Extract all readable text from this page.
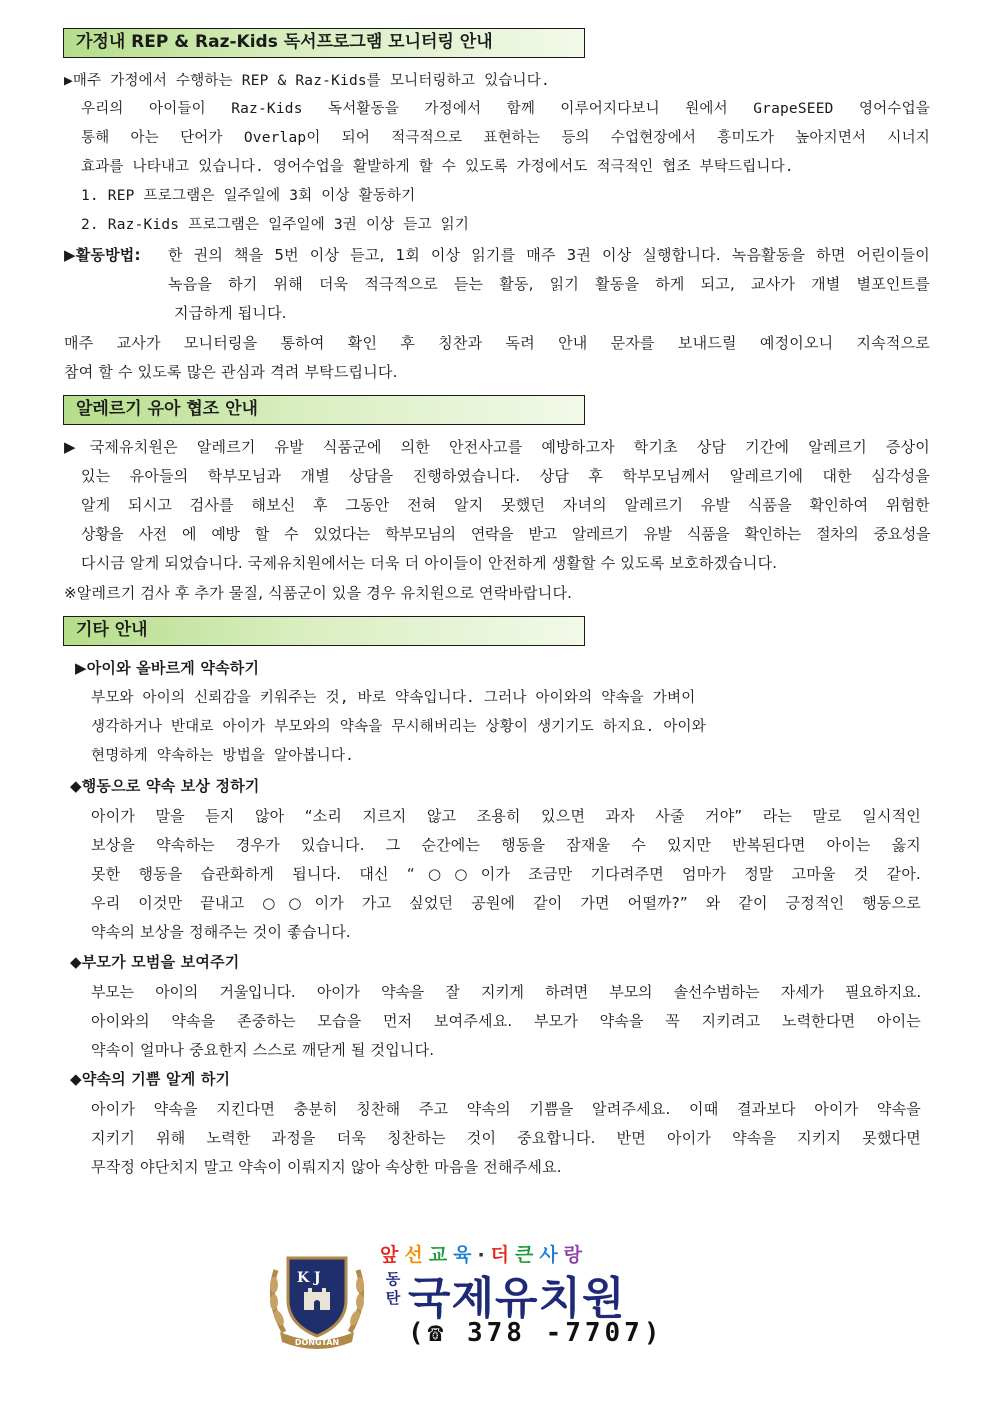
가정내 REP & Raz-Kids 독서프로그램 모니터링 안내
▶매주 가정에서 수행하는 REP & Raz-Kids를 모니터링하고 있습니다.
우리의 아이들이 Raz-Kids 독서활동을 가정에서 함께 이루어지다보니 원에서 GrapeSEED 영어수업을
통해 아는 단어가 Overlap이 되어 적극적으로 표현하는 등의 수업현장에서 흥미도가 높아지면서 시너지
효과를 나타내고 있습니다. 영어수업을 활발하게 할 수 있도록 가정에서도 적극적인 협조 부탁드립니다.
1. REP 프로그램은 일주일에 3회 이상 활동하기
2. Raz-Kids 프로그램은 일주일에 3권 이상 듣고 읽기
▶활동방법: 한 권의 책을 5번 이상 듣고, 1회 이상 읽기를 매주 3권 이상 실행합니다. 녹음활동을 하면 어린이들이
녹음을 하기 위해 더욱 적극적으로 듣는 활동, 읽기 활동을 하게 되고, 교사가 개별 별포인트를
지급하게 됩니다.
매주 교사가 모니터링을 통하여 확인 후 칭찬과 독려 안내 문자를 보내드릴 예정이오니 지속적으로
참여 할 수 있도록 많은 관심과 격려 부탁드립니다.
알레르기 유아 협조 안내
▶국제유치원은 알레르기 유발 식품군에 의한 안전사고를 예방하고자 학기초 상담 기간에 알레르기 증상이
있는 유아들의 학부모님과 개별 상담을 진행하였습니다. 상담 후 학부모님께서 알레르기에 대한 심각성을
알게 되시고 검사를 해보신 후 그동안 전혀 알지 못했던 자녀의 알레르기 유발 식품을 확인하여 위험한
상황을 사전 에 예방 할 수 있었다는 학부모님의 연락을 받고 알레르기 유발 식품을 확인하는 절차의 중요성을
다시금 알게 되었습니다. 국제유치원에서는 더욱 더 아이들이 안전하게 생활할 수 있도록 보호하겠습니다.
※알레르기 검사 후 추가 물질, 식품군이 있을 경우 유치원으로 연락바랍니다.
기타 안내
▶아이와 올바르게 약속하기
부모와 아이의 신뢰감을 키워주는 것, 바로 약속입니다. 그러나 아이와의 약속을 가벼이
생각하거나 반대로 아이가 부모와의 약속을 무시해버리는 상황이 생기기도 하지요. 아이와
현명하게 약속하는 방법을 알아봅니다.
◆행동으로 약속 보상 정하기
아이가 말을 듣지 않아 “소리 지르지 않고 조용히 있으면 과자 사줄 거야” 라는 말로 일시적인
보상을 약속하는 경우가 있습니다. 그 순간에는 행동을 잠재울 수 있지만 반복된다면 아이는 옳지
못한 행동을 습관화하게 됩니다. 대신 “○○이가 조금만 기다려주면 엄마가 정말 고마울 것 같아.
우리 이것만 끝내고 ○○이가 가고 싶었던 공원에 같이 가면 어떨까?” 와 같이 긍정적인 행동으로
약속의 보상을 정해주는 것이 좋습니다.
◆부모가 모범을 보여주기
부모는 아이의 거울입니다. 아이가 약속을 잘 지키게 하려면 부모의 솔선수범하는 자세가 필요하지요.
아이와의 약속을 존중하는 모습을 먼저 보여주세요. 부모가 약속을 꼭 지키려고 노력한다면 아이는
약속이 얼마나 중요한지 스스로 깨닫게 될 것입니다.
◆약속의 기쁨 알게 하기
아이가 약속을 지킨다면 충분히 칭찬해 주고 약속의 기쁨을 알려주세요. 이때 결과보다 아이가 약속을
지키기 위해 노력한 과정을 더욱 칭찬하는 것이 중요합니다. 반면 아이가 약속을 지키지 못했다면
무작정 야단치지 말고 약속이 이뤄지지 않아 속상한 마음을 전해주세요.
K J
DONGTAN
앞선교육·더큰사랑
동탄 국제유치원
(☎ 378 -7707)
